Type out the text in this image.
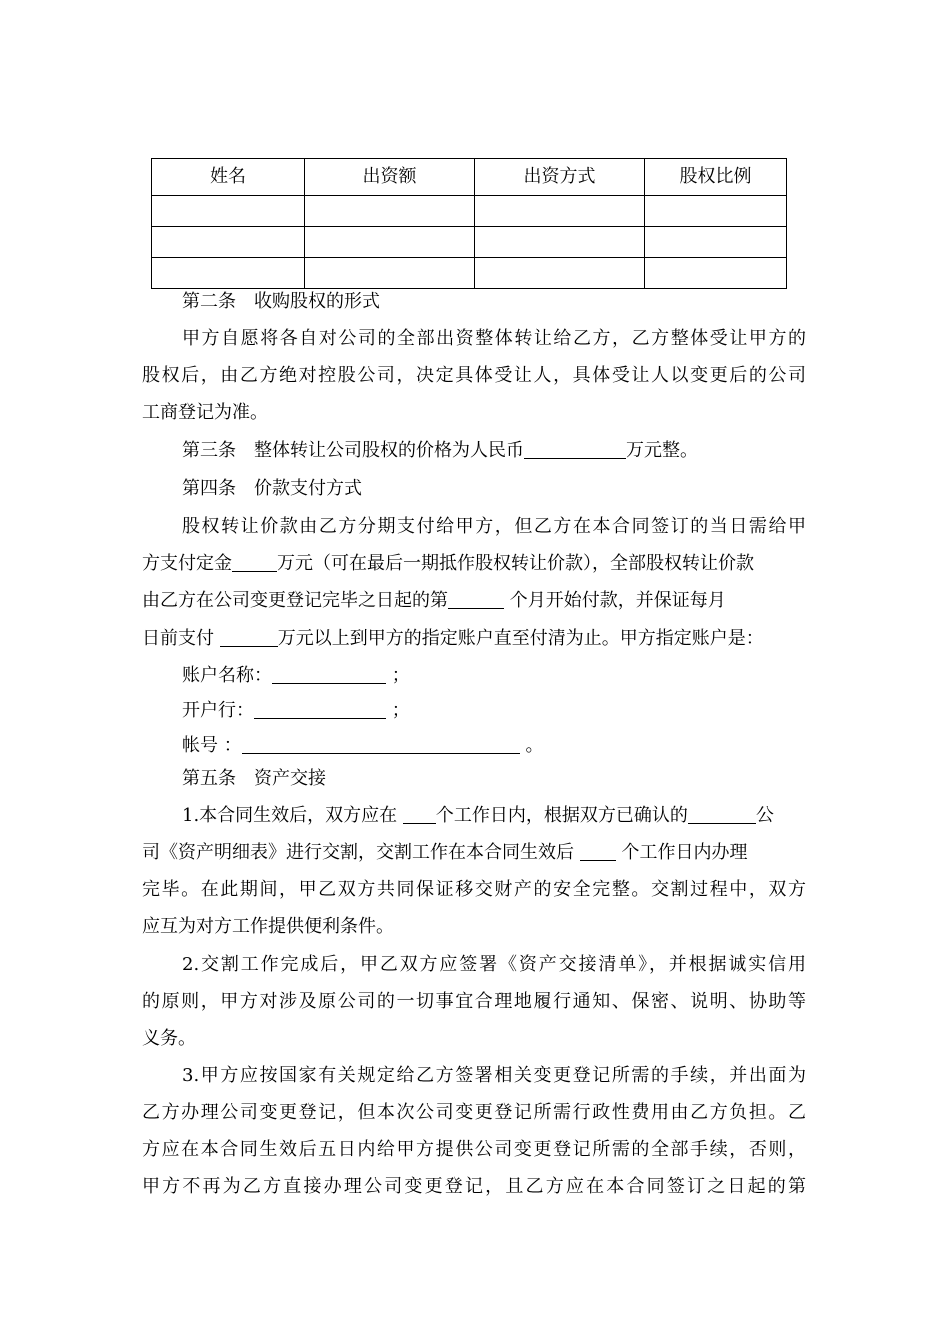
姓名	出资额	出资方式	股权比例

第二条　收购股权的形式
甲方自愿将各自对公司的全部出资整体转让给乙方，乙方整体受让甲方的
股权后，由乙方绝对控股公司，决定具体受让人，具体受让人以变更后的公司
工商登记为准。
第三条　整体转让公司股权的价格为人民币	万元整。
第四条　价款支付方式
股权转让价款由乙方分期支付给甲方，但乙方在本合同签订的当日需给甲
方支付定金	万元（可在最后一期抵作股权转让价款），全部股权转让价款
由乙方在公司变更登记完毕之日起的第	个月开始付款，并保证每月
日前支付	万元以上到甲方的指定账户直至付清为止。甲方指定账户是：
账户名称：	；
开户行：	；
帐号 ：	。
第五条　资产交接
1.本合同生效后，双方应在 个工作日内，根据双方已确认的	公
司《资产明细表》进行交割，交割工作在本合同生效后  个工作日内办理
完毕。在此期间，甲乙双方共同保证移交财产的安全完整。交割过程中，双方
应互为对方工作提供便利条件。
2.交割工作完成后，甲乙双方应签署《资产交接清单》，并根据诚实信用
的原则，甲方对涉及原公司的一切事宜合理地履行通知、保密、说明、协助等
义务。
3.甲方应按国家有关规定给乙方签署相关变更登记所需的手续，并出面为
乙方办理公司变更登记，但本次公司变更登记所需行政性费用由乙方负担。乙
方应在本合同生效后五日内给甲方提供公司变更登记所需的全部手续，否则，
甲方不再为乙方直接办理公司变更登记，且乙方应在本合同签订之日起的第
